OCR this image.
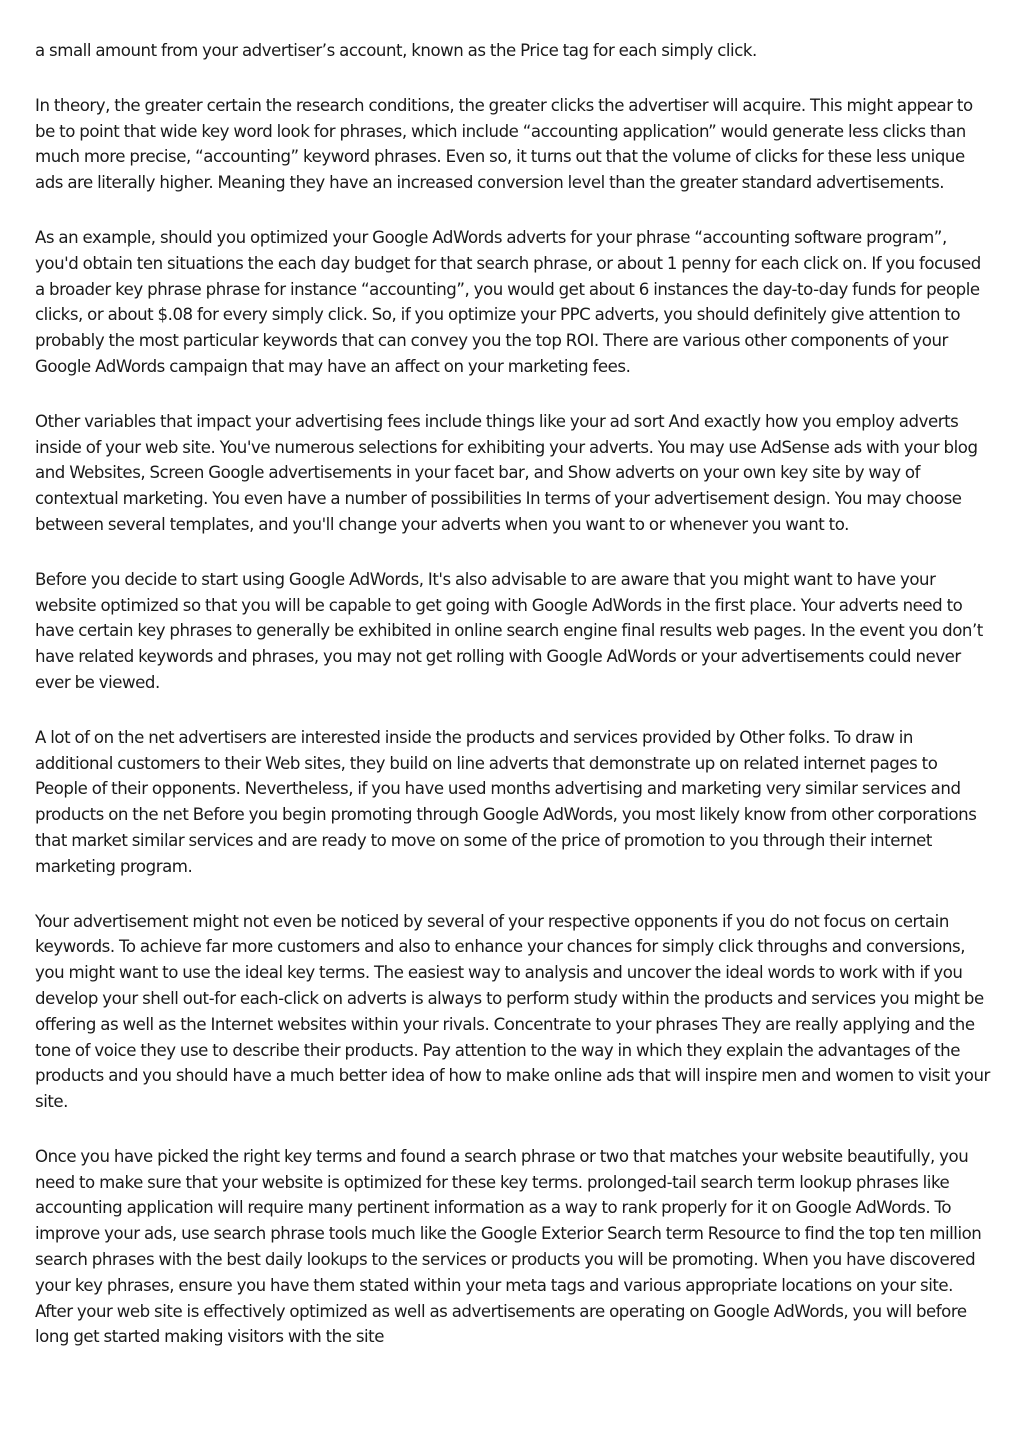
a small amount from your advertiser’s account, known as the Price tag for each simply click.

In theory, the greater certain the research conditions, the greater clicks the advertiser will acquire. This might appear to be to point that wide key word look for phrases, which include “accounting application” would generate less clicks than much more precise, “accounting” keyword phrases. Even so, it turns out that the volume of clicks for these less unique ads are literally higher. Meaning they have an increased conversion level than the greater standard advertisements.

As an example, should you optimized your Google AdWords adverts for your phrase “accounting software program”, you'd obtain ten situations the each day budget for that search phrase, or about 1 penny for each click on. If you focused a broader key phrase phrase for instance “accounting”, you would get about 6 instances the day-to-day funds for people clicks, or about $.08 for every simply click. So, if you optimize your PPC adverts, you should definitely give attention to probably the most particular keywords that can convey you the top ROI. There are various other components of your Google AdWords campaign that may have an affect on your marketing fees.

Other variables that impact your advertising fees include things like your ad sort And exactly how you employ adverts inside of your web site. You've numerous selections for exhibiting your adverts. You may use AdSense ads with your blog and Websites, Screen Google advertisements in your facet bar, and Show adverts on your own key site by way of contextual marketing. You even have a number of possibilities In terms of your advertisement design. You may choose between several templates, and you'll change your adverts when you want to or whenever you want to.

Before you decide to start using Google AdWords, It's also advisable to are aware that you might want to have your website optimized so that you will be capable to get going with Google AdWords in the first place. Your adverts need to have certain key phrases to generally be exhibited in online search engine final results web pages. In the event you don’t have related keywords and phrases, you may not get rolling with Google AdWords or your advertisements could never ever be viewed.

A lot of on the net advertisers are interested inside the products and services provided by Other folks. To draw in additional customers to their Web sites, they build on line adverts that demonstrate up on related internet pages to People of their opponents. Nevertheless, if you have used months advertising and marketing very similar services and products on the net Before you begin promoting through Google AdWords, you most likely know from other corporations that market similar services and are ready to move on some of the price of promotion to you through their internet marketing program.

Your advertisement might not even be noticed by several of your respective opponents if you do not focus on certain keywords. To achieve far more customers and also to enhance your chances for simply click throughs and conversions, you might want to use the ideal key terms. The easiest way to analysis and uncover the ideal words to work with if you develop your shell out-for each-click on adverts is always to perform study within the products and services you might be offering as well as the Internet websites within your rivals. Concentrate to your phrases They are really applying and the tone of voice they use to describe their products. Pay attention to the way in which they explain the advantages of the products and you should have a much better idea of how to make online ads that will inspire men and women to visit your site.

Once you have picked the right key terms and found a search phrase or two that matches your website beautifully, you need to make sure that your website is optimized for these key terms. prolonged-tail search term lookup phrases like accounting application will require many pertinent information as a way to rank properly for it on Google AdWords. To improve your ads, use search phrase tools much like the Google Exterior Search term Resource to find the top ten million search phrases with the best daily lookups to the services or products you will be promoting. When you have discovered your key phrases, ensure you have them stated within your meta tags and various appropriate locations on your site. After your web site is effectively optimized as well as advertisements are operating on Google AdWords, you will before long get started making visitors with the site
